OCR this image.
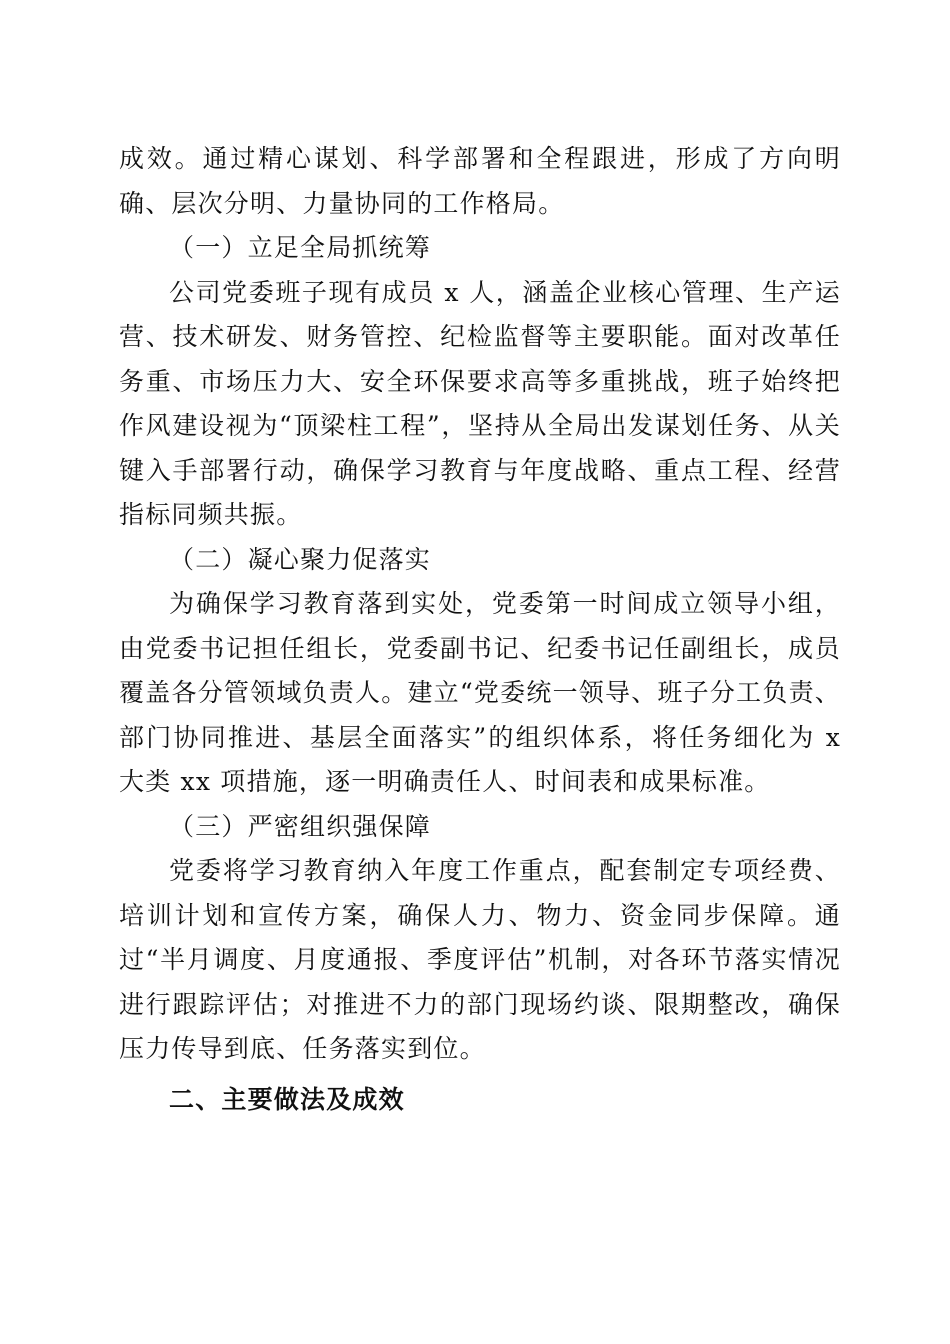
成效。通过精心谋划、科学部署和全程跟进，形成了方向明确、层次分明、力量协同的工作格局。

（一）立足全局抓统筹

公司党委班子现有成员 x 人，涵盖企业核心管理、生产运营、技术研发、财务管控、纪检监督等主要职能。面对改革任务重、市场压力大、安全环保要求高等多重挑战，班子始终把作风建设视为“顶梁柱工程”，坚持从全局出发谋划任务、从关键入手部署行动，确保学习教育与年度战略、重点工程、经营指标同频共振。

（二）凝心聚力促落实

为确保学习教育落到实处，党委第一时间成立领导小组，由党委书记担任组长，党委副书记、纪委书记任副组长，成员覆盖各分管领域负责人。建立“党委统一领导、班子分工负责、部门协同推进、基层全面落实”的组织体系，将任务细化为 x 大类 xx 项措施，逐一明确责任人、时间表和成果标准。

（三）严密组织强保障

党委将学习教育纳入年度工作重点，配套制定专项经费、培训计划和宣传方案，确保人力、物力、资金同步保障。通过“半月调度、月度通报、季度评估”机制，对各环节落实情况进行跟踪评估；对推进不力的部门现场约谈、限期整改，确保压力传导到底、任务落实到位。

二、主要做法及成效
